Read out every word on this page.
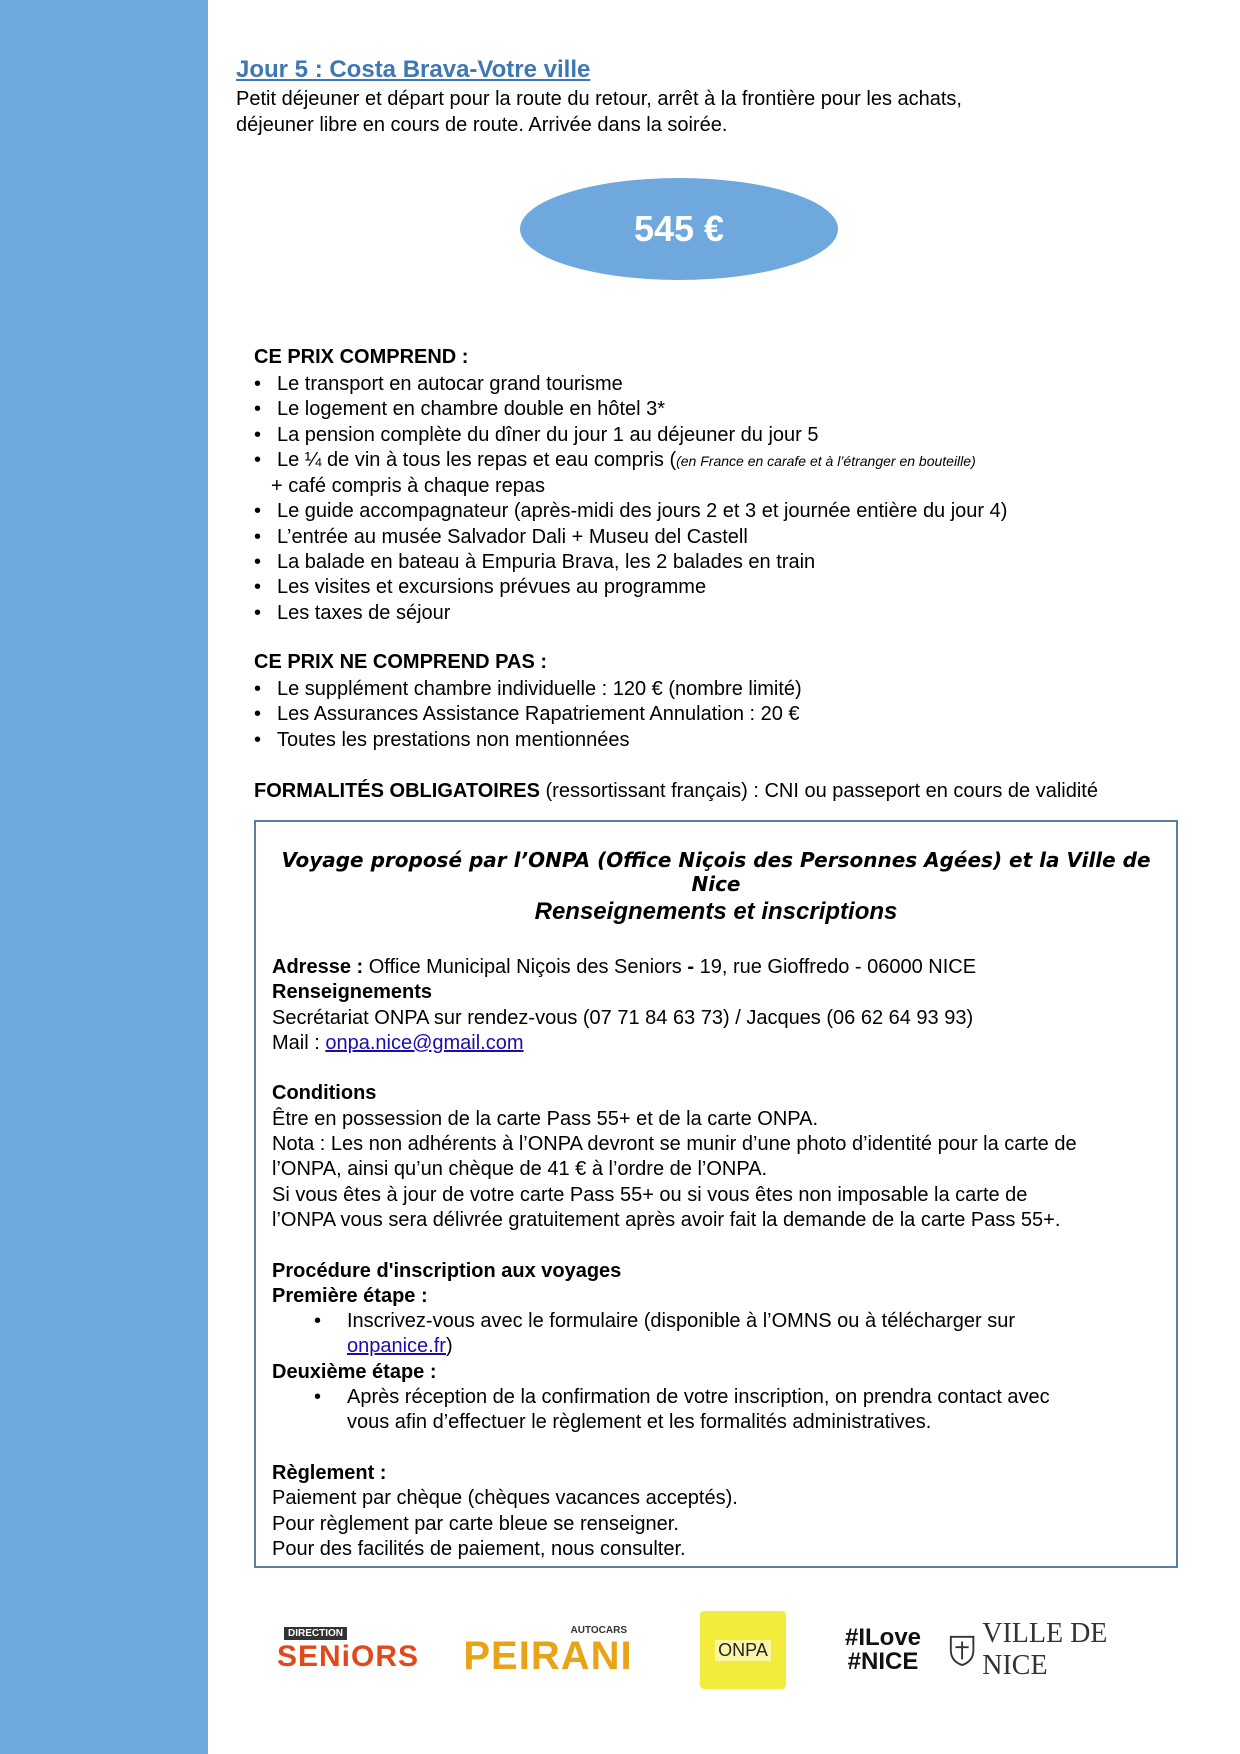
Jour 5 : Costa Brava-Votre ville

Petit déjeuner et départ pour la route du retour, arrêt à la frontière pour les achats,
déjeuner libre en cours de route. Arrivée dans la soirée.

545 €

CE PRIX COMPREND :

• Le transport en autocar grand tourisme
• Le logement en chambre double en hôtel 3*
• La pension complète du dîner du jour 1 au déjeuner du jour 5
• Le ¼ de vin à tous les repas et eau compris ((en France en carafe et à l’étranger en bouteille)
+ café compris à chaque repas
• Le guide accompagnateur (après-midi des jours 2 et 3 et journée entière du jour 4)
• L’entrée au musée Salvador Dali + Museu del Castell
• La balade en bateau à Empuria Brava, les 2 balades en train
• Les visites et excursions prévues au programme
• Les taxes de séjour

CE PRIX NE COMPREND PAS :

• Le supplément chambre individuelle : 120 € (nombre limité)
• Les Assurances Assistance Rapatriement Annulation : 20 €
• Toutes les prestations non mentionnées

FORMALITÉS OBLIGATOIRES (ressortissant français) : CNI ou passeport en cours de validité

Voyage proposé par l’ONPA (Office Niçois des Personnes Agées) et la Ville de Nice
Renseignements et inscriptions

Adresse : Office Municipal Niçois des Seniors - 19, rue Gioffredo - 06000 NICE

Renseignements

Secrétariat ONPA sur rendez-vous (07 71 84 63 73) / Jacques (06 62 64 93 93)

Mail : onpa.nice@gmail.com

Conditions

Être en possession de la carte Pass 55+ et de la carte ONPA.

Nota : Les non adhérents à l’ONPA devront se munir d’une photo d’identité pour la carte de

l’ONPA, ainsi qu’un chèque de 41 € à l’ordre de l’ONPA.

Si vous êtes à jour de votre carte Pass 55+ ou si vous êtes non imposable la carte de

l’ONPA vous sera délivrée gratuitement après avoir fait la demande de la carte Pass 55+.

Procédure d'inscription aux voyages

Première étape :

• Inscrivez-vous avec le formulaire (disponible à l’OMNS ou à télécharger sur
onpanice.fr)

Deuxième étape :

• Après réception de la confirmation de votre inscription, on prendra contact avec
vous afin d’effectuer le règlement et les formalités administratives.

Règlement :

Paiement par chèque (chèques vacances acceptés).

Pour règlement par carte bleue se renseigner.

Pour des facilités de paiement, nous consulter.

DIRECTION
SENiORS
AUTOCARS
PEIRANI	ONPA	#ILove
#NICE
VILLE DE NICE
